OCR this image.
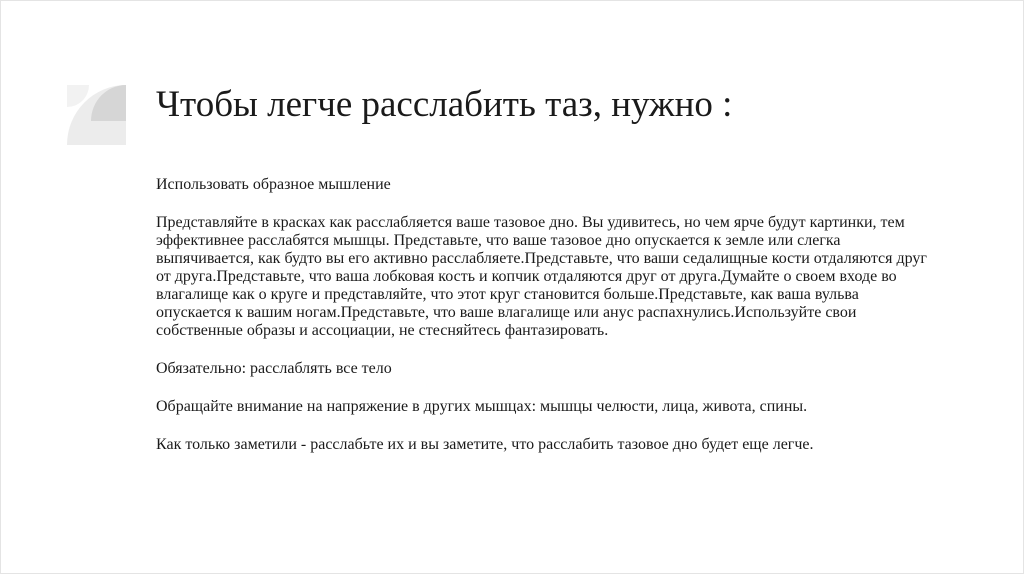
Чтобы легче расслабить таз, нужно :

Использовать образное мышление

Представляйте в красках как расслабляется ваше тазовое дно. Вы удивитесь, но чем ярче будут картинки, тем эффективнее расслабятся мышцы. Представьте, что ваше тазовое дно опускается к земле или слегка выпячивается, как будто вы его активно расслабляете.Представьте, что ваши седалищные кости отдаляются друг от друга.Представьте, что ваша лобковая кость и копчик отдаляются друг от друга.Думайте о своем входе во влагалище как о круге и представляйте, что этот круг становится больше.Представьте, как ваша вульва опускается к вашим ногам.Представьте, что ваше влагалище или анус распахнулись.Используйте свои собственные образы и ассоциации, не стесняйтесь фантазировать.

Обязательно: расслаблять все тело

Обращайте внимание на напряжение в других мышцах: мышцы челюсти, лица, живота, спины.

Как только заметили - расслабьте их и вы заметите, что расслабить тазовое дно будет еще легче.
